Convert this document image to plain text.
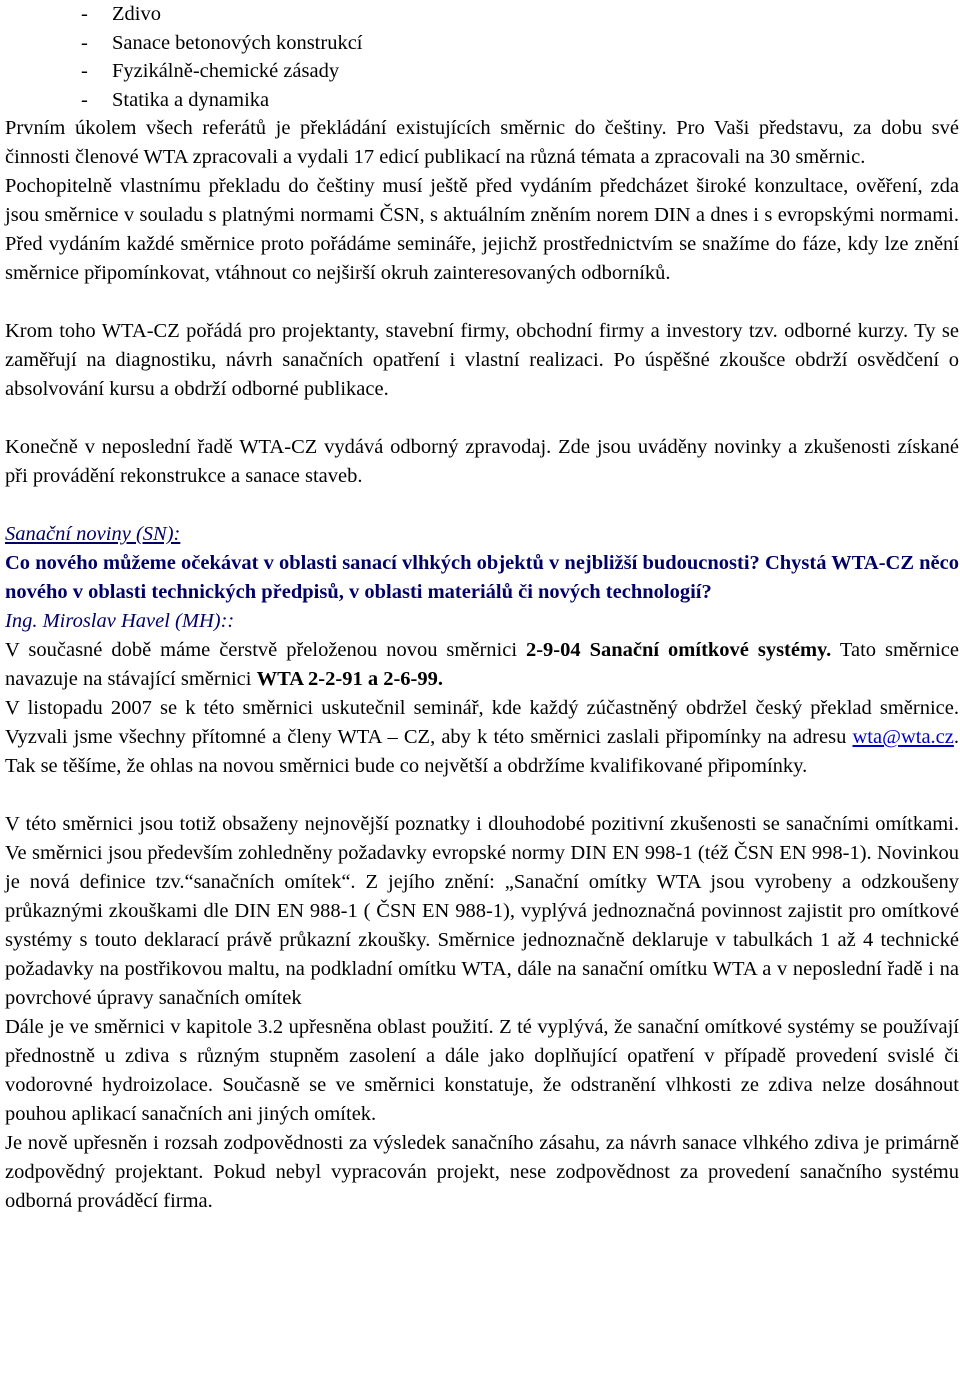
- Zdivo
- Sanace betonových konstrukcí
- Fyzikálně-chemické zásady
- Statika a dynamika

Prvním úkolem všech referátů je překládání existujících směrnic do češtiny. Pro Vaši představu, za dobu své činnosti členové WTA zpracovali a vydali 17 edicí publikací na různá témata a zpracovali na 30 směrnic.

Pochopitelně vlastnímu překladu do češtiny musí ještě před vydáním předcházet široké konzultace, ověření, zda jsou směrnice v souladu s platnými normami ČSN, s aktuálním zněním norem DIN a dnes i s evropskými normami. Před vydáním každé směrnice proto pořádáme semináře, jejichž prostřednictvím se snažíme do fáze, kdy lze znění směrnice připomínkovat, vtáhnout co nejširší okruh zainteresovaných odborníků.

Krom toho WTA-CZ pořádá pro projektanty, stavební firmy, obchodní firmy a investory tzv. odborné kurzy. Ty se zaměřují na diagnostiku, návrh sanačních opatření i vlastní realizaci. Po úspěšné zkoušce obdrží osvědčení o absolvování kursu a obdrží odborné publikace.

Konečně v neposlední řadě WTA-CZ vydává odborný zpravodaj. Zde jsou uváděny novinky a zkušenosti získané při provádění rekonstrukce a sanace staveb.

Sanační noviny (SN):

Co nového můžeme očekávat v oblasti sanací vlhkých objektů v nejbližší budoucnosti? Chystá WTA-CZ něco nového v oblasti technických předpisů, v oblasti materiálů či nových technologií?

Ing. Miroslav Havel (MH)::

V současné době máme čerstvě přeloženou novou směrnici 2-9-04 Sanační omítkové systémy. Tato směrnice navazuje na stávající směrnici WTA 2-2-91 a 2-6-99.

V listopadu 2007 se k této směrnici uskutečnil seminář, kde každý zúčastněný obdržel český překlad směrnice. Vyzvali jsme všechny přítomné a členy WTA – CZ, aby k této směrnici zaslali připomínky na adresu wta@wta.cz. Tak se těšíme, že ohlas na novou směrnici bude co největší a obdržíme kvalifikované připomínky.

V této směrnici jsou totiž obsaženy nejnovější poznatky i dlouhodobé pozitivní zkušenosti se sanačními omítkami. Ve směrnici jsou především zohledněny požadavky evropské normy DIN EN 998-1 (též ČSN EN 998-1). Novinkou je nová definice tzv.“sanačních omítek“. Z jejího znění: „Sanační omítky WTA jsou vyrobeny a odzkoušeny průkaznými zkouškami dle DIN EN 988-1 ( ČSN EN 988-1), vyplývá jednoznačná povinnost zajistit pro omítkové systémy s touto deklarací právě průkazní zkoušky. Směrnice jednoznačně deklaruje v tabulkách 1 až 4 technické požadavky na postřikovou maltu, na podkladní omítku WTA, dále na sanační omítku WTA a v neposlední řadě i na povrchové úpravy sanačních omítek

Dále je ve směrnici v kapitole 3.2 upřesněna oblast použití. Z té vyplývá, že sanační omítkové systémy se používají přednostně u zdiva s různým stupněm zasolení a dále jako doplňující opatření v případě provedení svislé či vodorovné hydroizolace. Současně se ve směrnici konstatuje, že odstranění vlhkosti ze zdiva nelze dosáhnout pouhou aplikací sanačních ani jiných omítek.

Je nově upřesněn i rozsah zodpovědnosti za výsledek sanačního zásahu, za návrh sanace vlhkého zdiva je primárně zodpovědný projektant. Pokud nebyl vypracován projekt, nese zodpovědnost za provedení sanačního systému odborná prováděcí firma.
